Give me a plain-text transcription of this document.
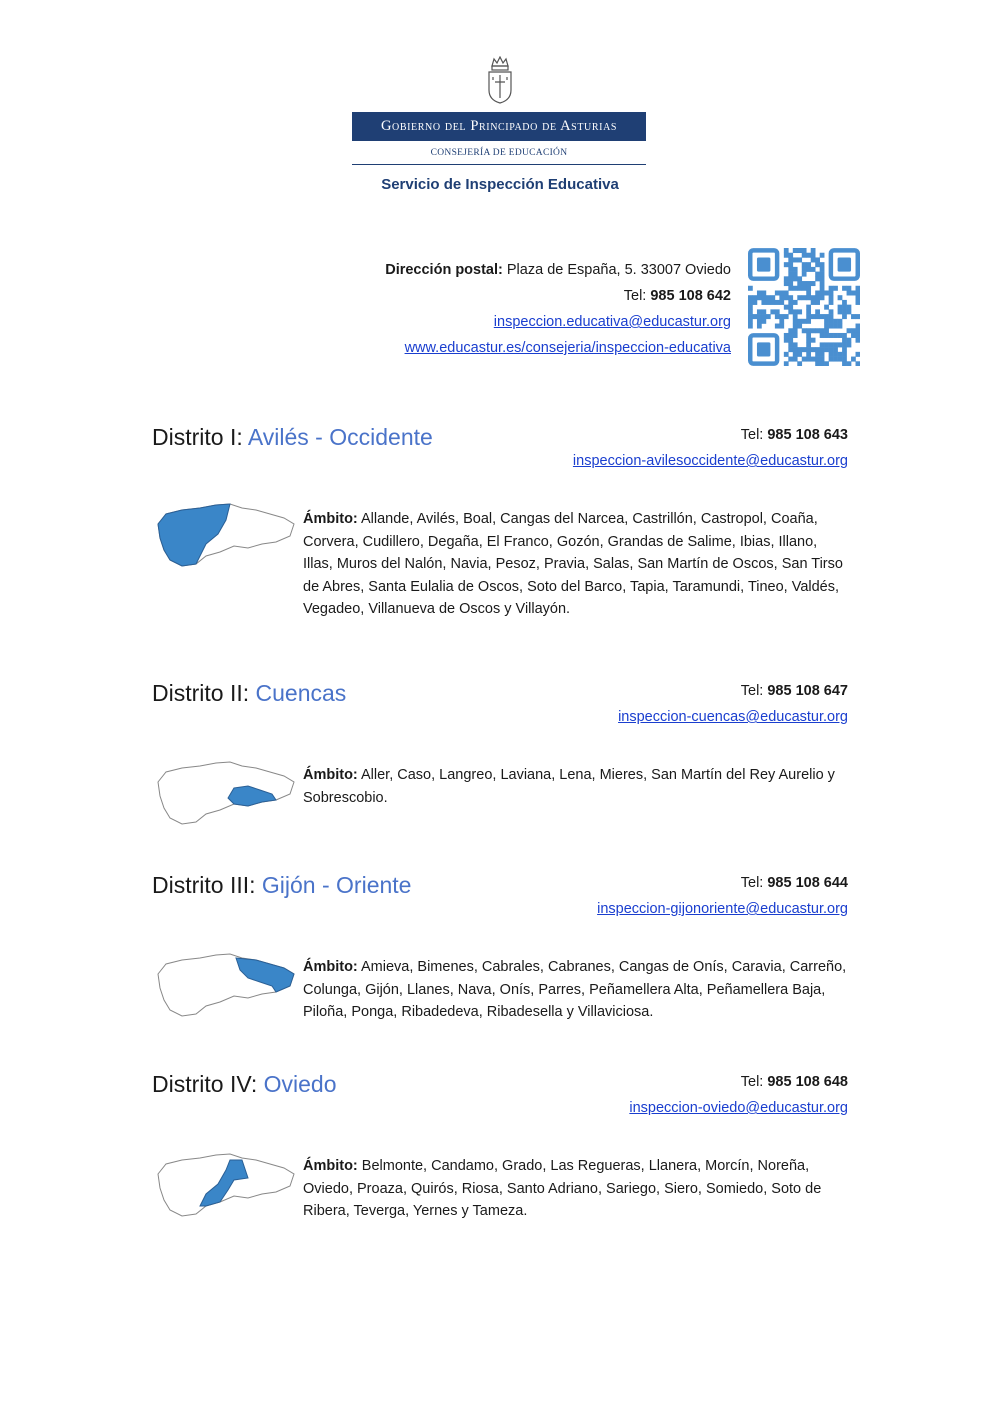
Gobierno del Principado de Asturias
CONSEJERÍA DE EDUCACIÓN
Servicio de Inspección Educativa
Dirección postal: Plaza de España, 5. 33007 Oviedo
Tel: 985 108 642
inspeccion.educativa@educastur.org
www.educastur.es/consejeria/inspeccion-educativa
Distrito I: Avilés - Occidente	Tel: 985 108 643
inspeccion-avilesoccidente@educastur.org
Ámbito: Allande, Avilés, Boal, Cangas del Narcea, Castrillón, Castropol, Coaña, Corvera, Cudillero, Degaña, El Franco, Gozón, Grandas de Salime, Ibias, Illano, Illas, Muros del Nalón, Navia, Pesoz, Pravia, Salas, San Martín de Oscos, San Tirso de Abres, Santa Eulalia de Oscos, Soto del Barco, Tapia, Taramundi, Tineo, Valdés, Vegadeo, Villanueva de Oscos y Villayón.
Distrito II: Cuencas	Tel: 985 108 647
inspeccion-cuencas@educastur.org
Ámbito: Aller, Caso, Langreo, Laviana, Lena, Mieres, San Martín del Rey Aurelio y Sobrescobio.
Distrito III: Gijón - Oriente	Tel: 985 108 644
inspeccion-gijonoriente@educastur.org
Ámbito: Amieva, Bimenes, Cabrales, Cabranes, Cangas de Onís, Caravia, Carreño, Colunga, Gijón, Llanes, Nava, Onís, Parres, Peñamellera Alta, Peñamellera Baja, Piloña, Ponga, Ribadedeva, Ribadesella y Villaviciosa.
Distrito IV: Oviedo	Tel: 985 108 648
inspeccion-oviedo@educastur.org
Ámbito: Belmonte, Candamo, Grado, Las Regueras, Llanera, Morcín, Noreña, Oviedo, Proaza, Quirós, Riosa, Santo Adriano, Sariego, Siero, Somiedo, Soto de Ribera, Teverga, Yernes y Tameza.
